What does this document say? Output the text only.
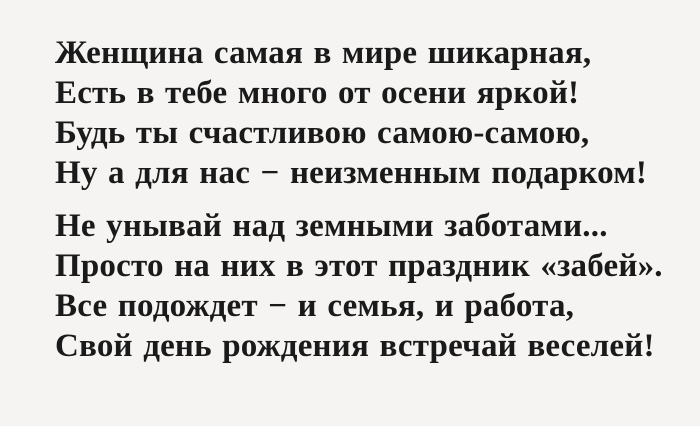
Женщина самая в мире шикарная,

Есть в тебе много от осени яркой!

Будь ты счастливою самою-самою,

Ну а для нас − неизменным подарком!

Не унывай над земными заботами...

Просто на них в этот праздник «забей».

Все подождет − и семья, и работа,

Свой день рождения встречай веселей!
